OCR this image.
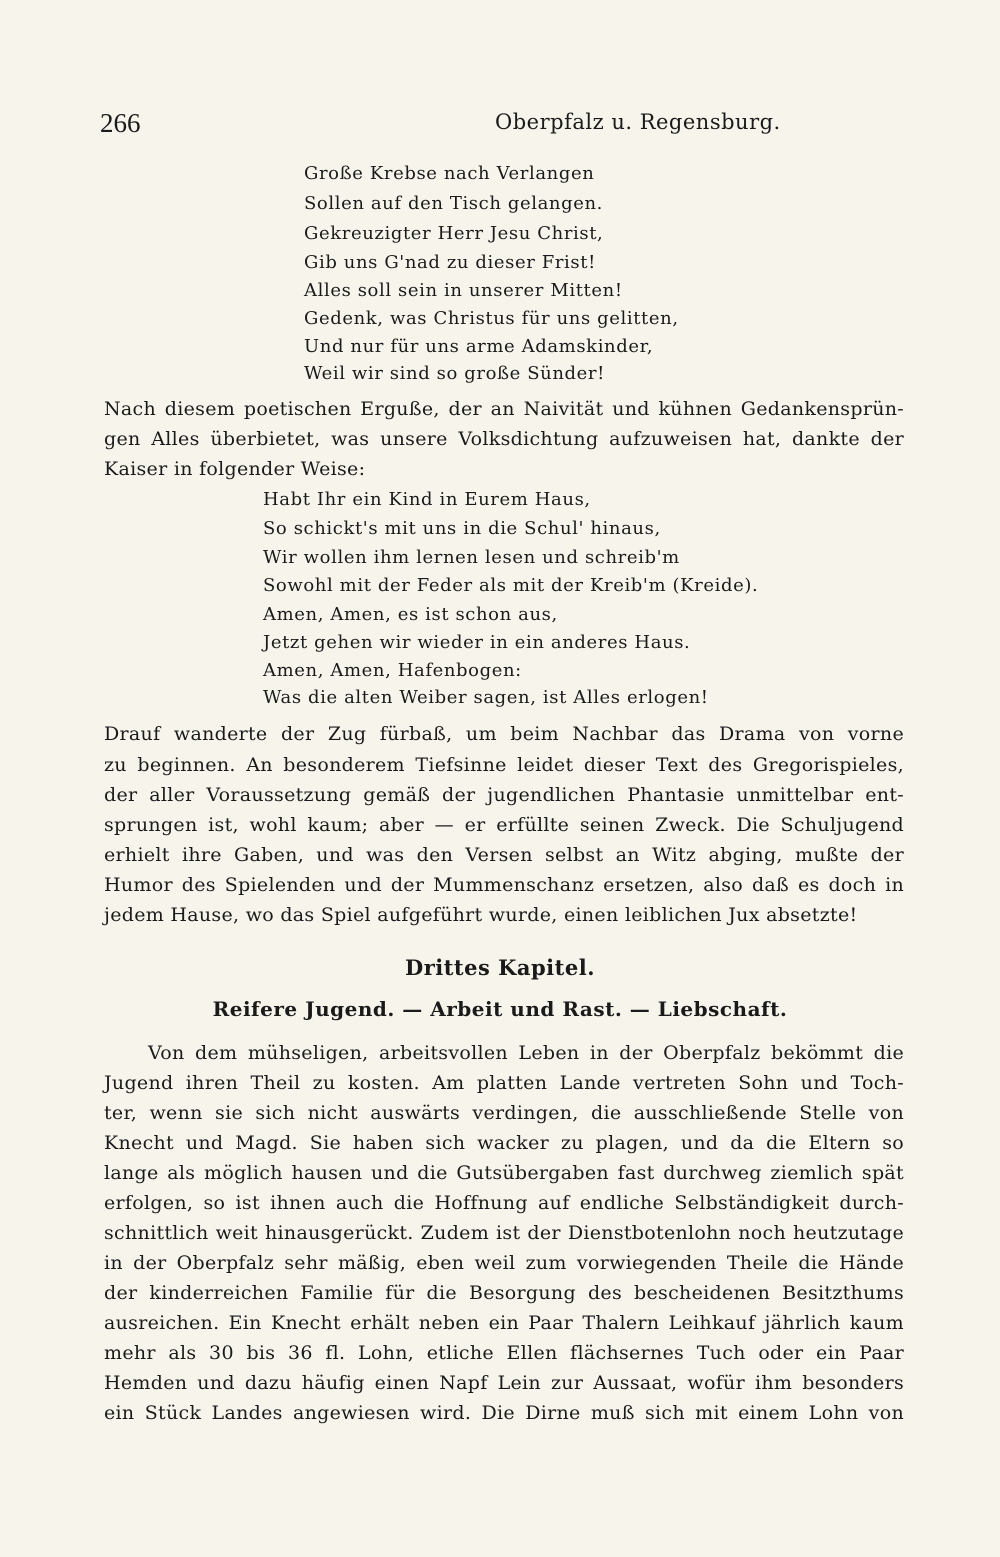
266	Oberpfalz u. Regensburg.
Große Krebse nach Verlangen
Sollen auf den Tisch gelangen.
Gekreuzigter Herr Jesu Christ,
Gib uns G'nad zu dieser Frist!
Alles soll sein in unserer Mitten!
Gedenk, was Christus für uns gelitten,
Und nur für uns arme Adamskinder,
Weil wir sind so große Sünder!
Nach diesem poetischen Erguße, der an Naivität und kühnen Gedankensprün-
gen Alles überbietet, was unsere Volksdichtung aufzuweisen hat, dankte der
Kaiser in folgender Weise:
Habt Ihr ein Kind in Eurem Haus,
So schickt's mit uns in die Schul' hinaus,
Wir wollen ihm lernen lesen und schreib'm
Sowohl mit der Feder als mit der Kreib'm (Kreide).
Amen, Amen, es ist schon aus,
Jetzt gehen wir wieder in ein anderes Haus.
Amen, Amen, Hafenbogen:
Was die alten Weiber sagen, ist Alles erlogen!
Drauf wanderte der Zug fürbaß, um beim Nachbar das Drama von vorne
zu beginnen. An besonderem Tiefsinne leidet dieser Text des Gregorispieles,
der aller Voraussetzung gemäß der jugendlichen Phantasie unmittelbar ent-
sprungen ist, wohl kaum; aber — er erfüllte seinen Zweck. Die Schuljugend
erhielt ihre Gaben, und was den Versen selbst an Witz abging, mußte der
Humor des Spielenden und der Mummenschanz ersetzen, also daß es doch in
jedem Hause, wo das Spiel aufgeführt wurde, einen leiblichen Jux absetzte!
Drittes Kapitel.
Reifere Jugend. — Arbeit und Rast. — Liebschaft.
Von dem mühseligen, arbeitsvollen Leben in der Oberpfalz bekömmt die
Jugend ihren Theil zu kosten. Am platten Lande vertreten Sohn und Toch-
ter, wenn sie sich nicht auswärts verdingen, die ausschließende Stelle von
Knecht und Magd. Sie haben sich wacker zu plagen, und da die Eltern so
lange als möglich hausen und die Gutsübergaben fast durchweg ziemlich spät
erfolgen, so ist ihnen auch die Hoffnung auf endliche Selbständigkeit durch-
schnittlich weit hinausgerückt. Zudem ist der Dienstbotenlohn noch heutzutage
in der Oberpfalz sehr mäßig, eben weil zum vorwiegenden Theile die Hände
der kinderreichen Familie für die Besorgung des bescheidenen Besitzthums
ausreichen. Ein Knecht erhält neben ein Paar Thalern Leihkauf jährlich kaum
mehr als 30 bis 36 fl. Lohn, etliche Ellen flächsernes Tuch oder ein Paar
Hemden und dazu häufig einen Napf Lein zur Aussaat, wofür ihm besonders
ein Stück Landes angewiesen wird. Die Dirne muß sich mit einem Lohn von
